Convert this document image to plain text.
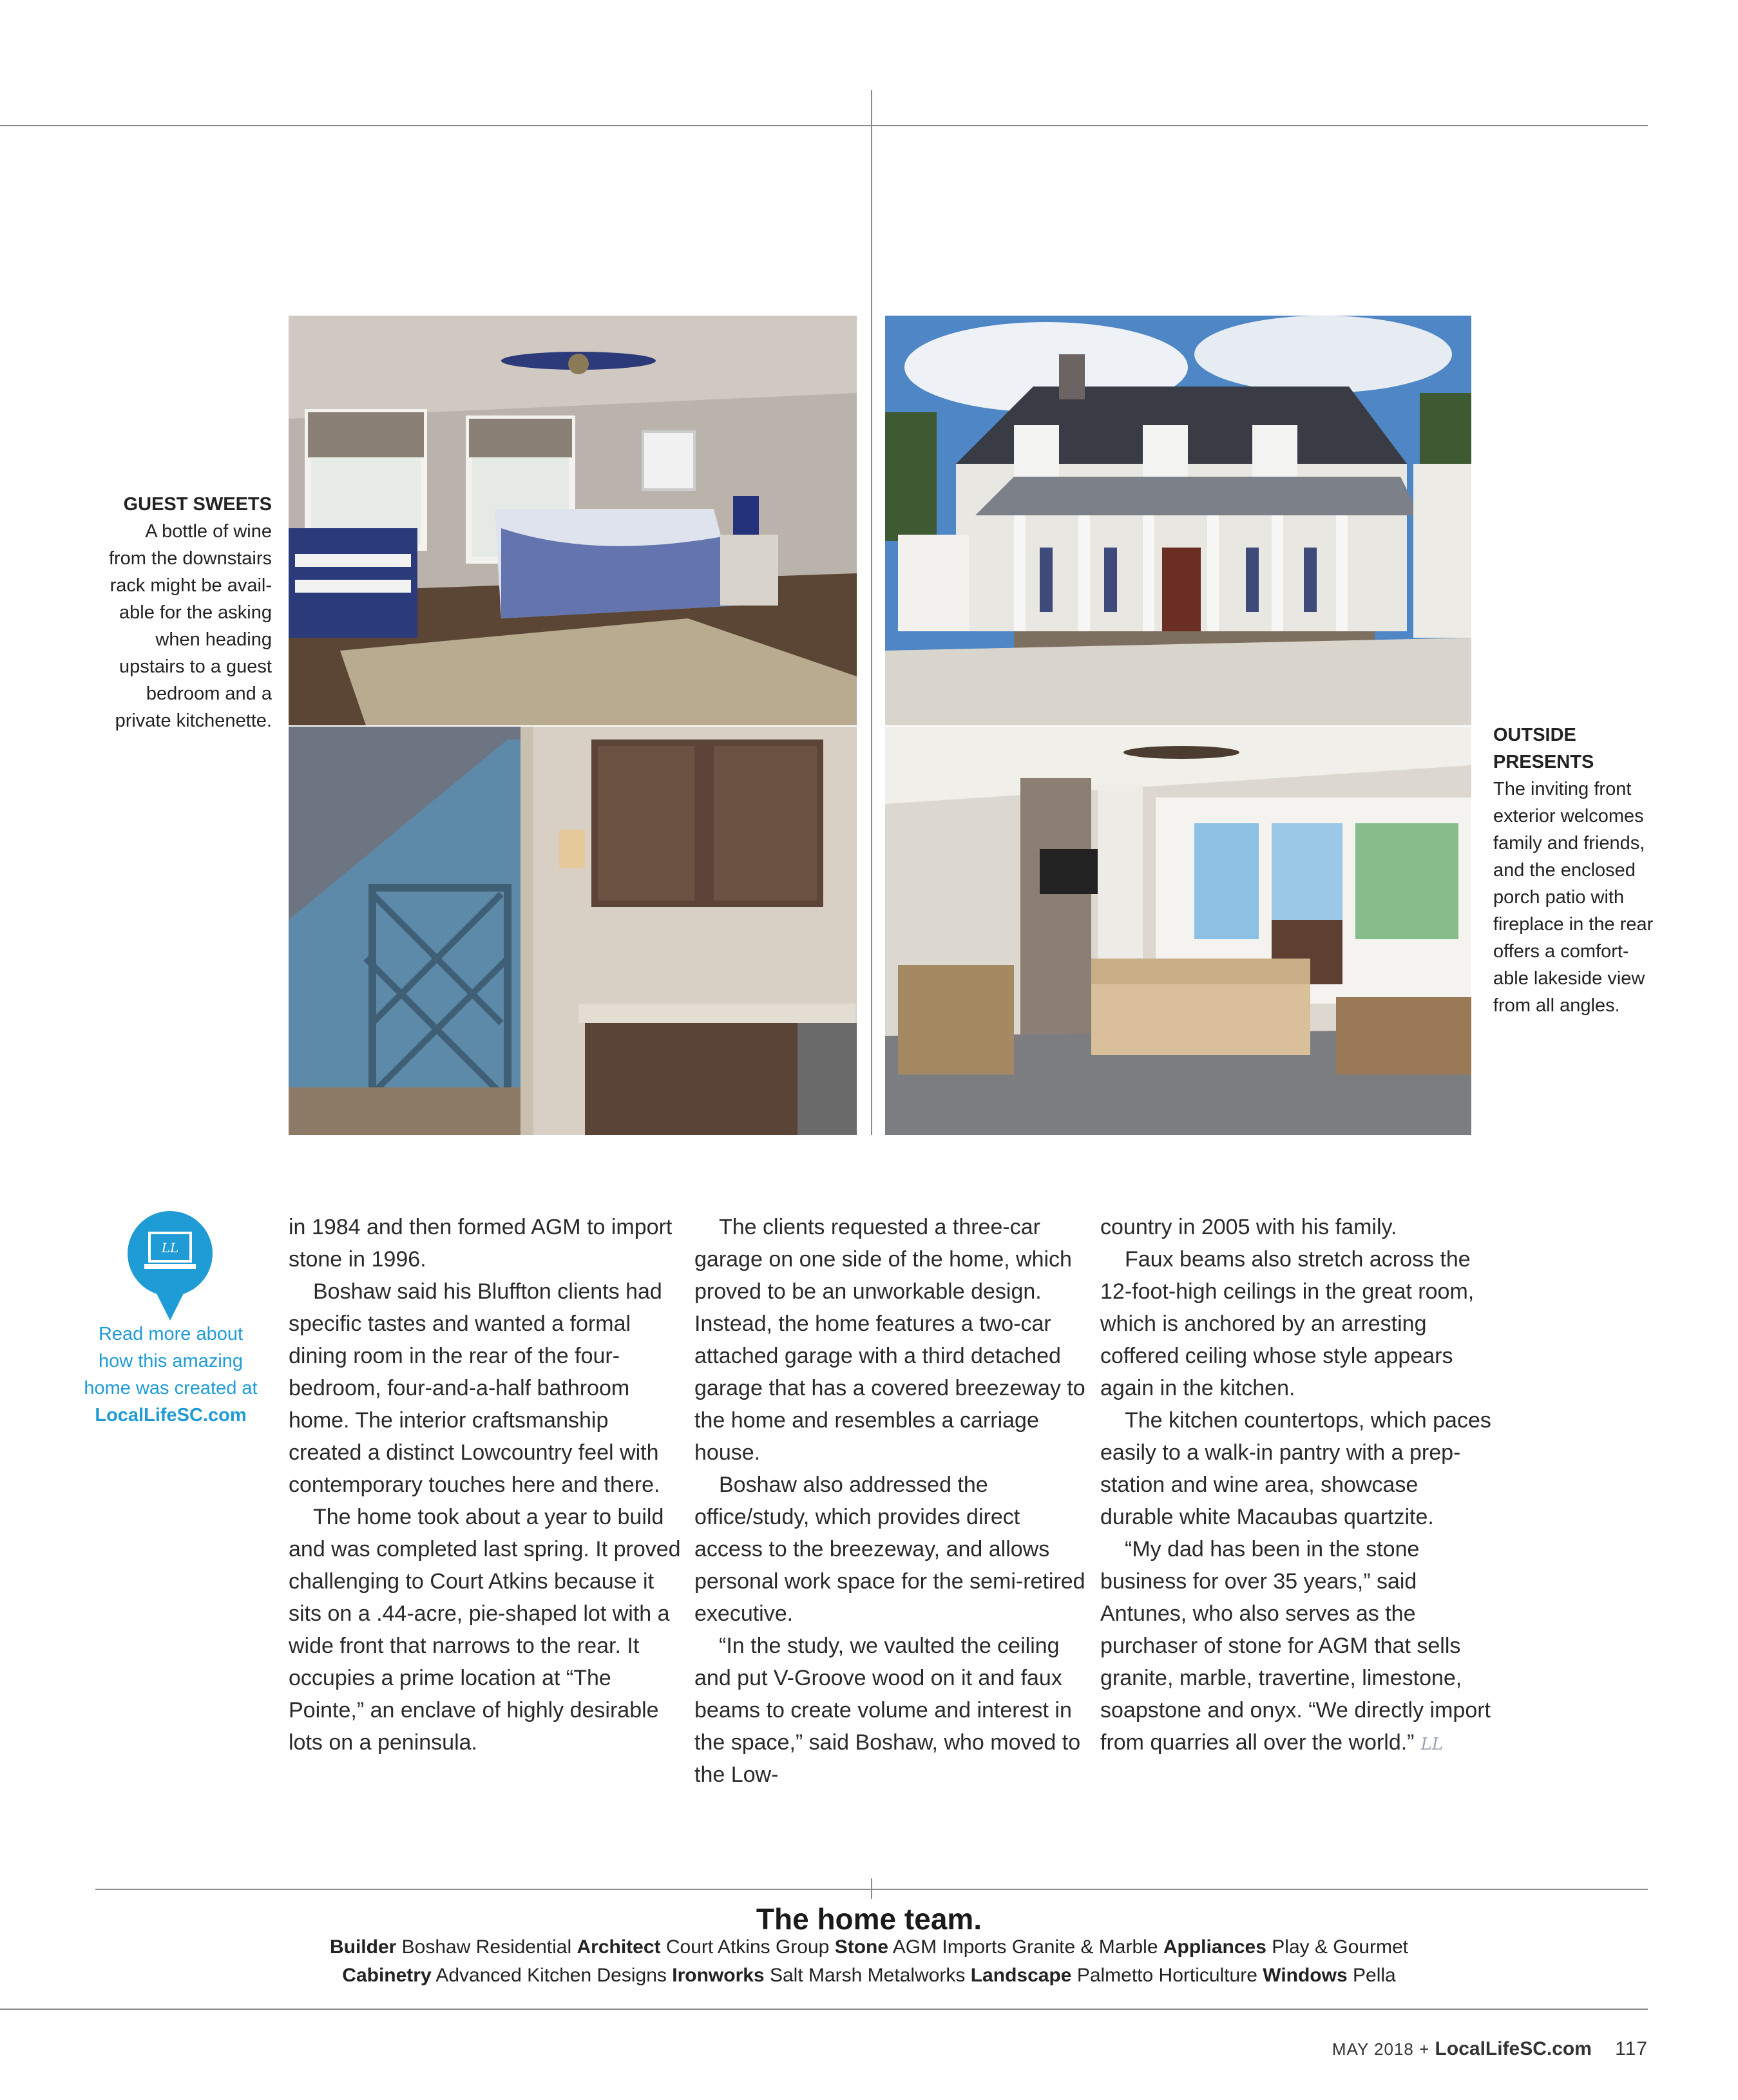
GUEST SWEETS
A bottle of wine
from the downstairs
rack might be avail-
able for the asking
when heading
upstairs to a guest
bedroom and a
private kitchenette.
OUTSIDE
PRESENTS
The inviting front
exterior welcomes
family and friends,
and the enclosed
porch patio with
fireplace in the rear
offers a comfort-
able lakeside view
from all angles.
LL
Read more about
how this amazing
home was created at
LocalLifeSC.com

in 1984 and then formed AGM to import stone in 1996.

Boshaw said his Bluffton clients had specific tastes and wanted a formal dining room in the rear of the four-bedroom, four-and-a-half bathroom home. The interior craftsmanship created a distinct Lowcountry feel with contemporary touches here and there.

The home took about a year to build and was completed last spring. It proved challenging to Court Atkins because it sits on a .44-acre, pie-shaped lot with a wide front that narrows to the rear. It occupies a prime location at “The Pointe,” an enclave of highly desirable lots on a peninsula.

The clients requested a three-car garage on one side of the home, which proved to be an unworkable design. Instead, the home features a two-car attached garage with a third detached garage that has a covered breezeway to the home and resembles a carriage house.

Boshaw also addressed the office/study, which provides direct access to the breezeway, and allows personal work space for the semi-retired executive.

“In the study, we vaulted the ceiling and put V-Groove wood on it and faux beams to create volume and interest in the space,” said Boshaw, who moved to the Low-

country in 2005 with his family.

Faux beams also stretch across the 12-foot-high ceilings in the great room, which is anchored by an arresting coffered ceiling whose style appears again in the kitchen.

The kitchen countertops, which paces easily to a walk-in pantry with a prep-station and wine area, showcase durable white Macaubas quartzite.

“My dad has been in the stone business for over 35 years,” said Antunes, who also serves as the purchaser of stone for AGM that sells granite, marble, travertine, limestone, soapstone and onyx. “We directly import from quarries all over the world.” LL

The home team.
Builder Boshaw Residential Architect Court Atkins Group Stone AGM Imports Granite & Marble Appliances Play & Gourmet
Cabinetry Advanced Kitchen Designs Ironworks Salt Marsh Metalworks Landscape Palmetto Horticulture Windows Pella
MAY 2018 + LocalLifeSC.com 117
